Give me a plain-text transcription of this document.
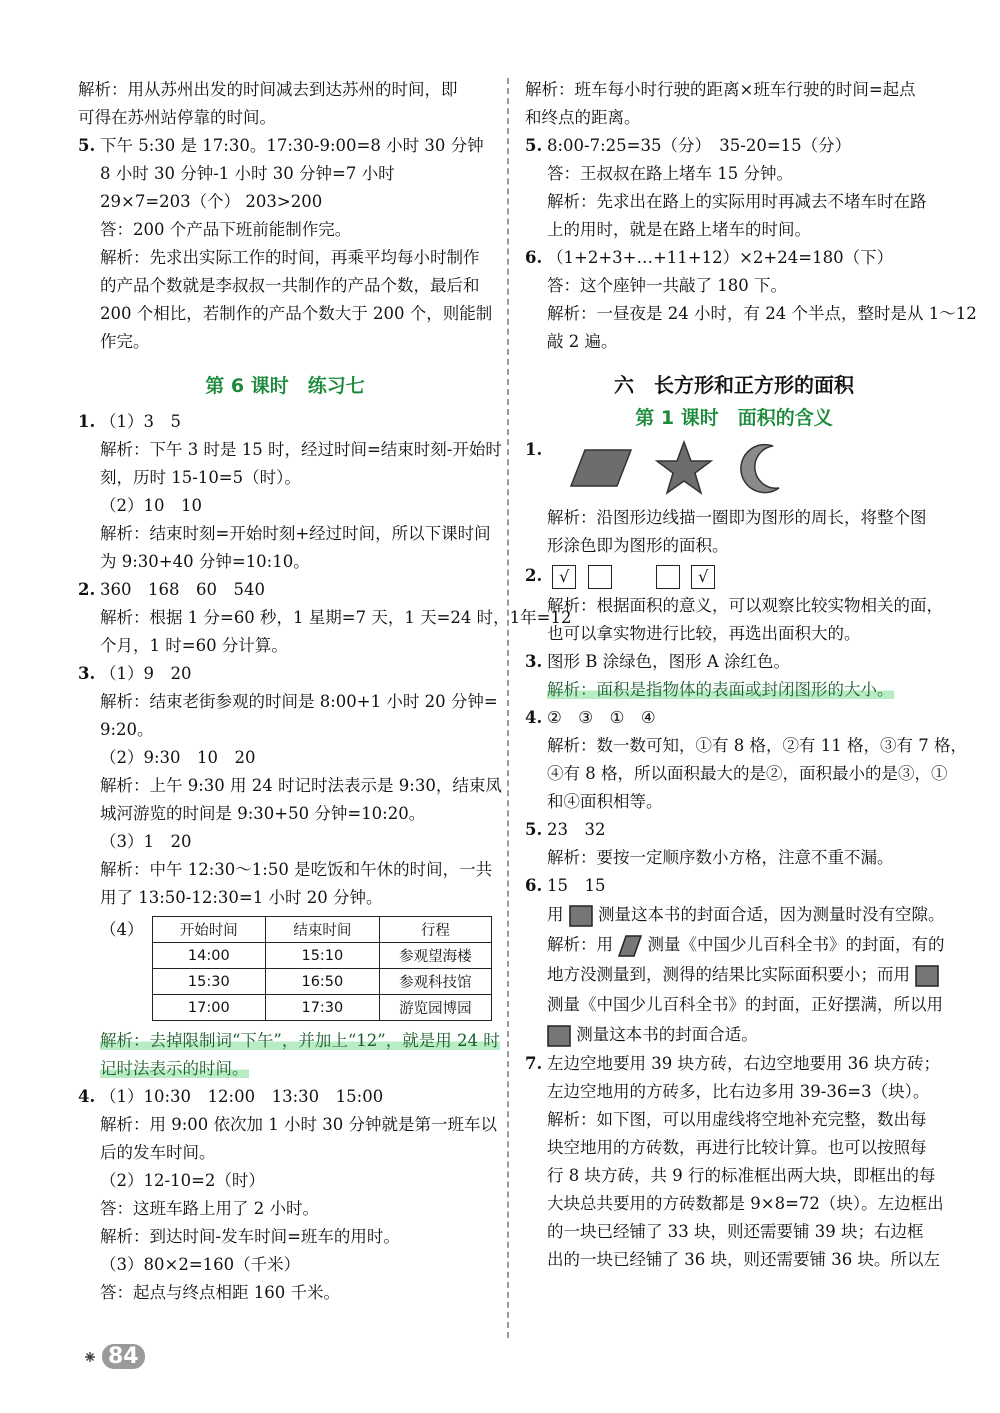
解析：用从苏州出发的时间减去到达苏州的时间，即
可得在苏州站停靠的时间。
5. 下午 5:30 是 17:30。17:30-9:00=8 小时 30 分钟
8 小时 30 分钟-1 小时 30 分钟=7 小时
29×7=203（个） 203>200
答：200 个产品下班前能制作完。
解析：先求出实际工作的时间，再乘平均每小时制作
的产品个数就是李叔叔一共制作的产品个数，最后和
200 个相比，若制作的产品个数大于 200 个，则能制
作完。
第 6 课时　练习七
1. （1）3　5
解析：下午 3 时是 15 时，经过时间=结束时刻-开始时
刻，历时 15-10=5（时）。
（2）10　10
解析：结束时刻=开始时刻+经过时间，所以下课时间
为 9:30+40 分钟=10:10。
2. 360　168　60　540
解析：根据 1 分=60 秒，1 星期=7 天，1 天=24 时，1年=12
个月，1 时=60 分计算。
3. （1）9　20
解析：结束老街参观的时间是 8:00+1 小时 20 分钟=
9:20。
（2）9:30　10　20
解析：上午 9:30 用 24 时记时法表示是 9:30，结束凤
城河游览的时间是 9:30+50 分钟=10:20。
（3）1　20
解析：中午 12:30～1:50 是吃饭和午休的时间，一共
用了 13:50-12:30=1 小时 20 分钟。
（4）	开始时间	结束时间	行程
14:00	15:10	参观望海楼
15:30	16:50	参观科技馆
17:00	17:30	游览园博园
解析：去掉限制词“下午”，并加上“12”，就是用 24 时
记时法表示的时间。
4. （1）10:30　12:00　13:30　15:00
解析：用 9:00 依次加 1 小时 30 分钟就是第一班车以
后的发车时间。
（2）12-10=2（时）
答：这班车路上用了 2 小时。
解析：到达时间-发车时间=班车的用时。
（3）80×2=160（千米）
答：起点与终点相距 160 千米。
解析：班车每小时行驶的距离×班车行驶的时间=起点
和终点的距离。
5. 8:00-7:25=35（分）　35-20=15（分）
答：王叔叔在路上堵车 15 分钟。
解析：先求出在路上的实际用时再减去不堵车时在路
上的用时，就是在路上堵车的时间。
6. （1+2+3+…+11+12）×2+24=180（下）
答：这个座钟一共敲了 180 下。
解析：一昼夜是 24 小时，有 24 个半点，整时是从 1～12
敲 2 遍。
六　长方形和正方形的面积
第 1 课时　面积的含义
1.
解析：沿图形边线描一圈即为图形的周长，将整个图
形涂色即为图形的面积。
2. √	√
解析：根据面积的意义，可以观察比较实物相关的面，
也可以拿实物进行比较，再选出面积大的。
3. 图形 B 涂绿色，图形 A 涂红色。
解析：面积是指物体的表面或封闭图形的大小。
4. ②　③　①　④
解析：数一数可知，①有 8 格，②有 11 格，③有 7 格，
④有 8 格，所以面积最大的是②，面积最小的是③，①
和④面积相等。
5. 23　32
解析：要按一定顺序数小方格，注意不重不漏。
6. 15　15
用 测量这本书的封面合适，因为测量时没有空隙。
解析：用 测量《中国少儿百科全书》的封面，有的
地方没测量到，测得的结果比实际面积要小；而用
测量《中国少儿百科全书》的封面，正好摆满，所以用
测量这本书的封面合适。
7. 左边空地要用 39 块方砖，右边空地要用 36 块方砖；
左边空地用的方砖多，比右边多用 39-36=3（块）。
解析：如下图，可以用虚线将空地补充完整，数出每
块空地用的方砖数，再进行比较计算。也可以按照每
行 8 块方砖，共 9 行的标准框出两大块，即框出的每
大块总共要用的方砖数都是 9×8=72（块）。左边框出
的一块已经铺了 33 块，则还需要铺 39 块；右边框
出的一块已经铺了 36 块，则还需要铺 36 块。所以左
84
